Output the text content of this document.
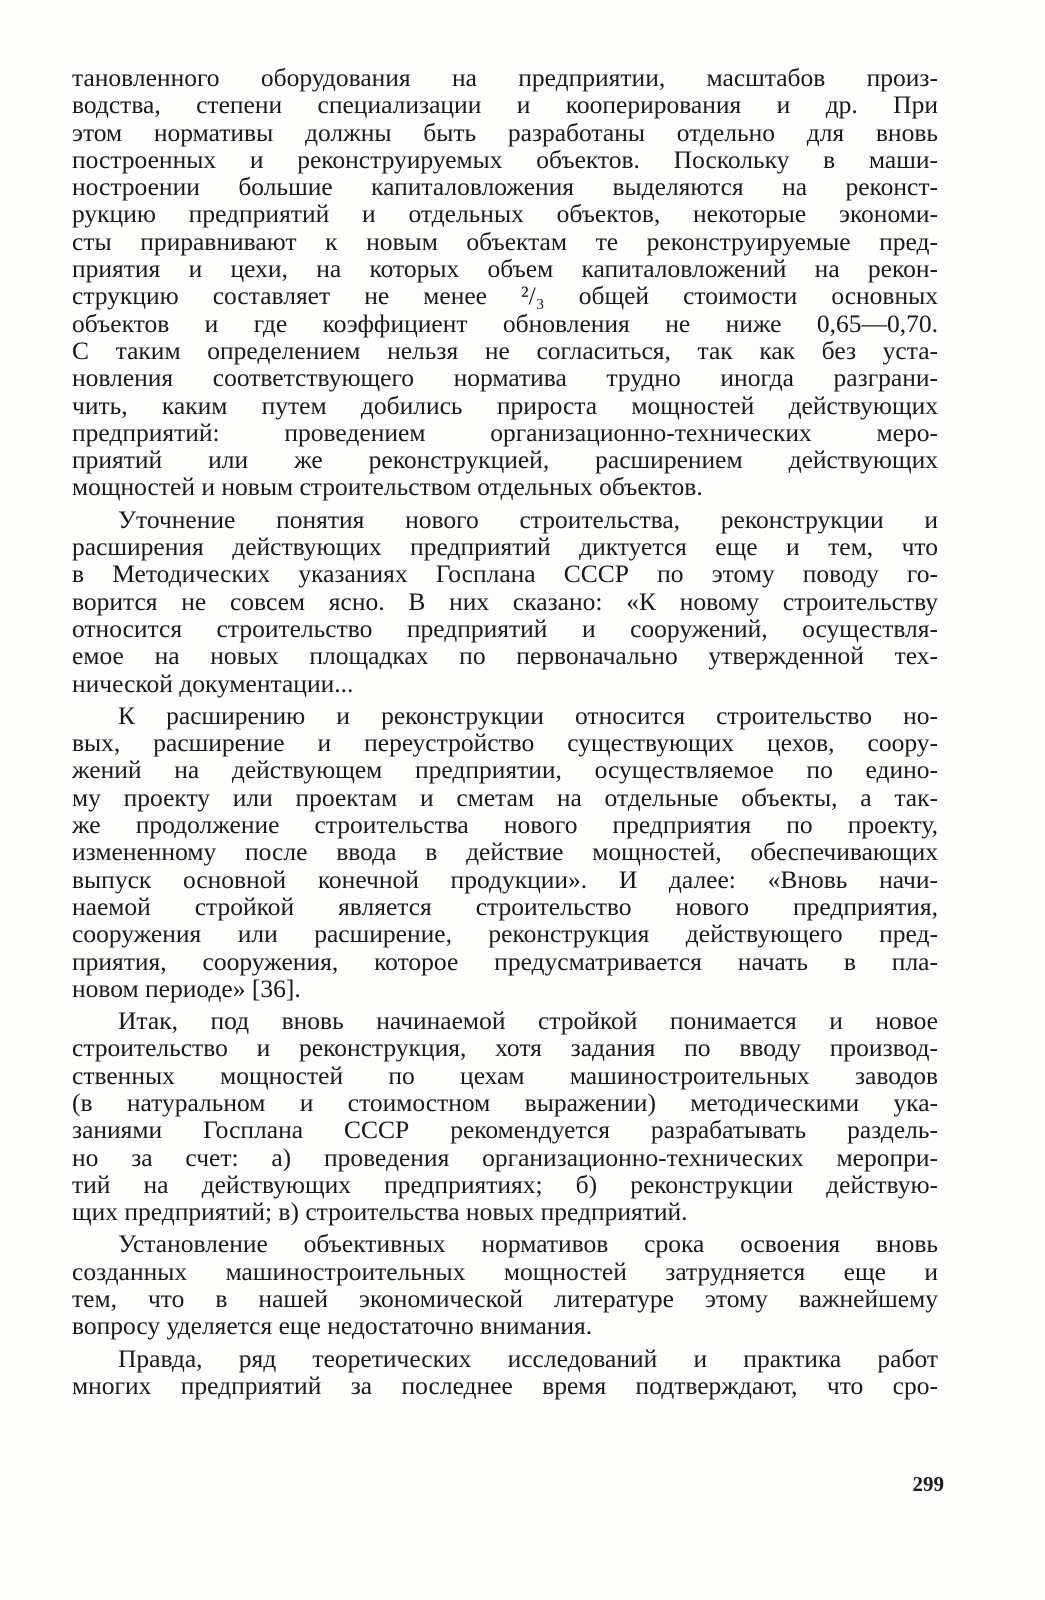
тановленного оборудования на предприятии, масштабов произ-
водства, степени специализации и кооперирования и др. При
этом нормативы должны быть разработаны отдельно для вновь
построенных и реконструируемых объектов. Поскольку в маши-
ностроении большие капиталовложения выделяются на реконст-
рукцию предприятий и отдельных объектов, некоторые экономи-
сты приравнивают к новым объектам те реконструируемые пред-
приятия и цехи, на которых объем капиталовложений на рекон-
струкцию составляет не менее ²/₃ общей стоимости основных
объектов и где коэффициент обновления не ниже 0,65—0,70.
С таким определением нельзя не согласиться, так как без уста-
новления соответствующего норматива трудно иногда разграни-
чить, каким путем добились прироста мощностей действующих
предприятий: проведением организационно-технических меро-
приятий или же реконструкцией, расширением действующих
мощностей и новым строительством отдельных объектов.
Уточнение понятия нового строительства, реконструкции и
расширения действующих предприятий диктуется еще и тем, что
в Методических указаниях Госплана СССР по этому поводу го-
ворится не совсем ясно. В них сказано: «К новому строительству
относится строительство предприятий и сооружений, осуществля-
емое на новых площадках по первоначально утвержденной тех-
нической документации...
К расширению и реконструкции относится строительство но-
вых, расширение и переустройство существующих цехов, соору-
жений на действующем предприятии, осуществляемое по едино-
му проекту или проектам и сметам на отдельные объекты, а так-
же продолжение строительства нового предприятия по проекту,
измененному после ввода в действие мощностей, обеспечивающих
выпуск основной конечной продукции». И далее: «Вновь начи-
наемой стройкой является строительство нового предприятия,
сооружения или расширение, реконструкция действующего пред-
приятия, сооружения, которое предусматривается начать в пла-
новом периоде» [36].
Итак, под вновь начинаемой стройкой понимается и новое
строительство и реконструкция, хотя задания по вводу производ-
ственных мощностей по цехам машиностроительных заводов
(в натуральном и стоимостном выражении) методическими ука-
заниями Госплана СССР рекомендуется разрабатывать раздель-
но за счет: а) проведения организационно-технических меропри-
тий на действующих предприятиях; б) реконструкции действую-
щих предприятий; в) строительства новых предприятий.
Установление объективных нормативов срока освоения вновь
созданных машиностроительных мощностей затрудняется еще и
тем, что в нашей экономической литературе этому важнейшему
вопросу уделяется еще недостаточно внимания.
Правда, ряд теоретических исследований и практика работ
многих предприятий за последнее время подтверждают, что сро-
299
